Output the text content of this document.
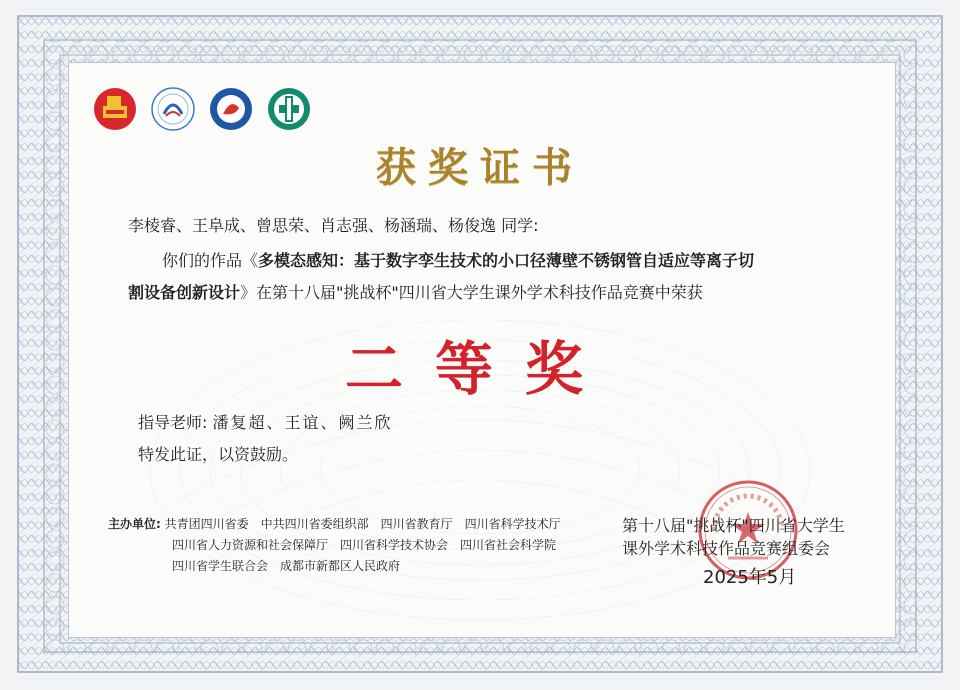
获奖证书
李棱睿、王阜成、曾思荣、肖志强、杨涵瑞、杨俊逸 同学:
你们的作品《多模态感知：基于数字孪生技术的小口径薄壁不锈钢管自适应等离子切
割设备创新设计》在第十八届"挑战杯"四川省大学生课外学术科技作品竞赛中荣获
二等奖
指导老师: 潘复超、王谊、阙兰欣
特发此证，以资鼓励。
主办单位: 共青团四川省委　中共四川省委组织部　四川省教育厅　四川省科学技术厅
四川省人力资源和社会保障厅　四川省科学技术协会　四川省社会科学院
四川省学生联合会　成都市新都区人民政府
第十八届"挑战杯"四川省大学生
课外学术科技作品竞赛组委会
2025年5月
